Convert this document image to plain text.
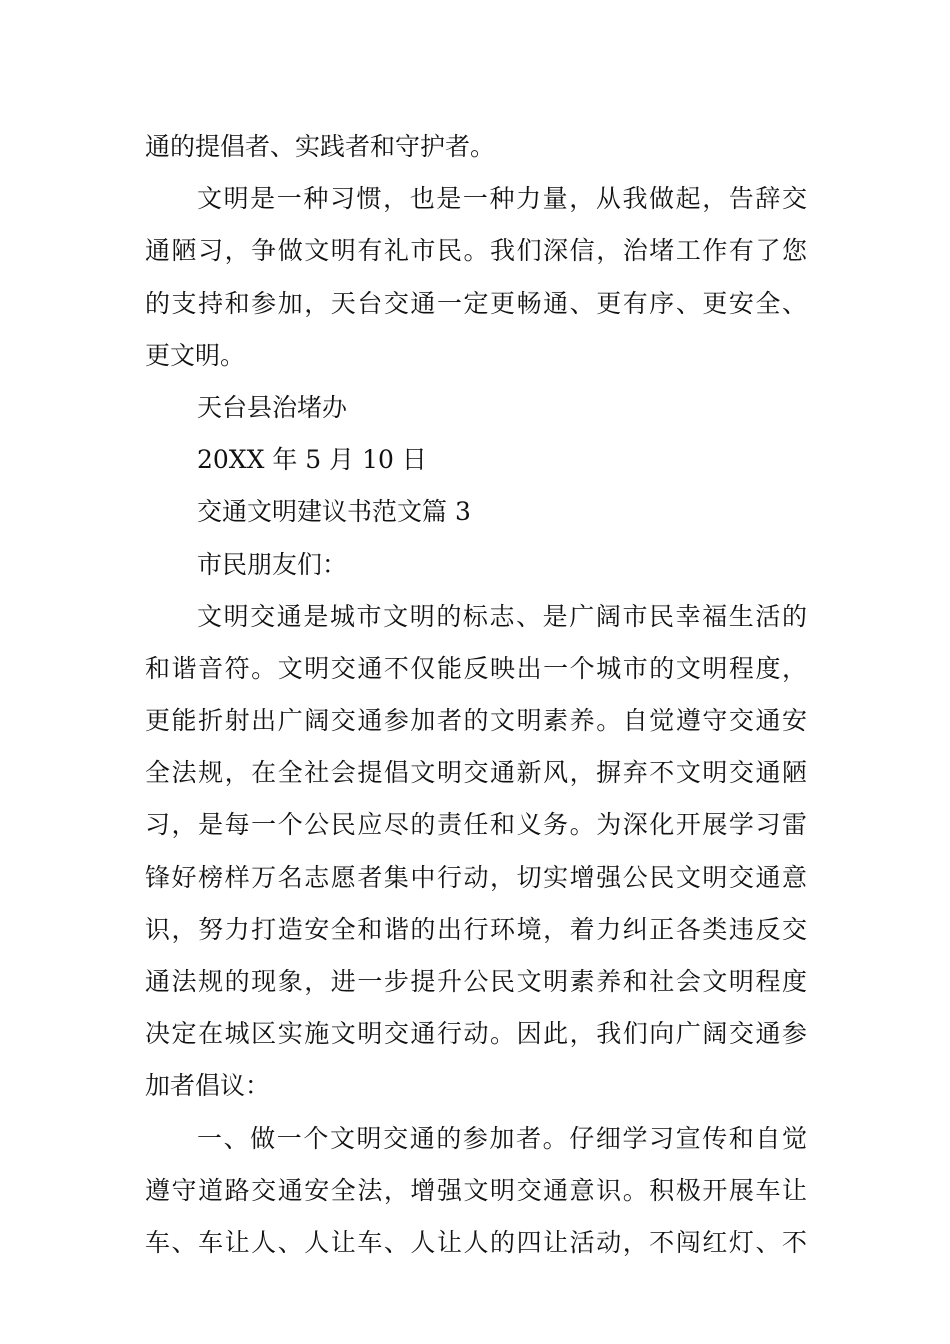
通的提倡者、实践者和守护者。
文明是一种习惯，也是一种力量，从我做起，告辞交
通陋习，争做文明有礼市民。我们深信，治堵工作有了您
的支持和参加，天台交通一定更畅通、更有序、更安全、
更文明。
天台县治堵办
20XX 年 5 月 10 日
交通文明建议书范文篇 3
市民朋友们：
文明交通是城市文明的标志、是广阔市民幸福生活的
和谐音符。文明交通不仅能反映出一个城市的文明程度，
更能折射出广阔交通参加者的文明素养。自觉遵守交通安
全法规，在全社会提倡文明交通新风，摒弃不文明交通陋
习，是每一个公民应尽的责任和义务。为深化开展学习雷
锋好榜样万名志愿者集中行动，切实增强公民文明交通意
识，努力打造安全和谐的出行环境，着力纠正各类违反交
通法规的现象，进一步提升公民文明素养和社会文明程度
决定在城区实施文明交通行动。因此，我们向广阔交通参
加者倡议：
一、做一个文明交通的参加者。仔细学习宣传和自觉
遵守道路交通安全法，增强文明交通意识。积极开展车让
车、车让人、人让车、人让人的四让活动，不闯红灯、不
